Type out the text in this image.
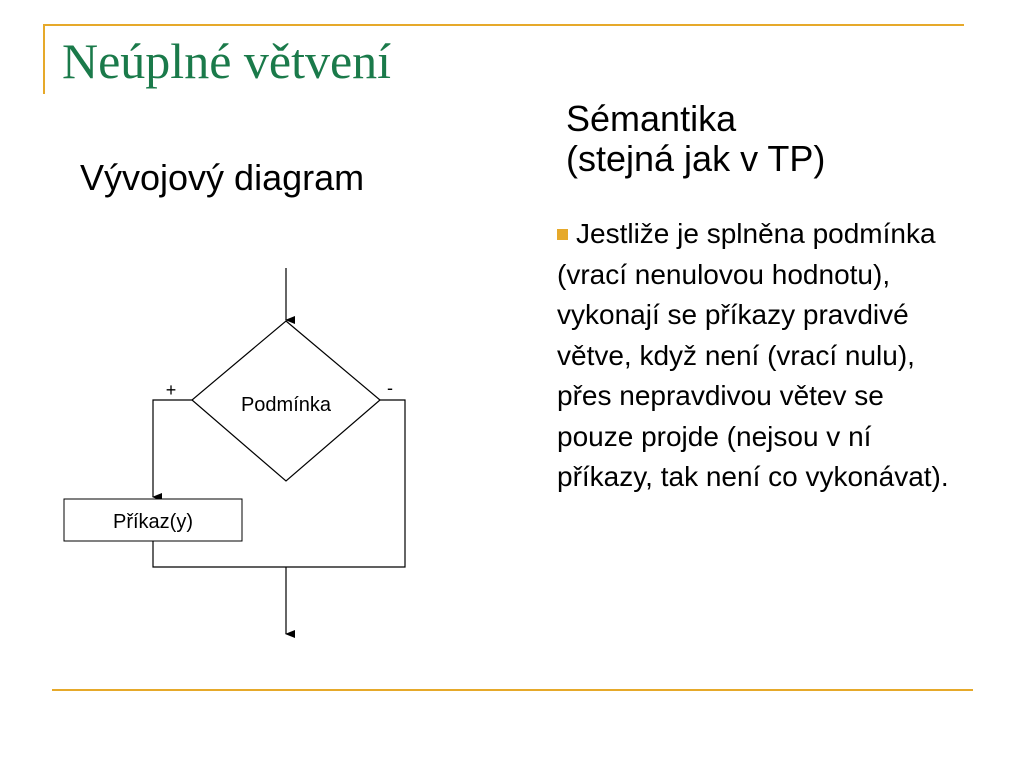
Neúplné větvení
Vývojový diagram
Sémantika
(stejná jak v TP)
Jestliže je splněna podmínka (vrací nenulovou hodnotu), vykonají se příkazy pravdivé větve, když není (vrací nulu), přes nepravdivou větev se pouze projde (nejsou v ní příkazy, tak není co vykonávat).
Podmínka
+	-
Příkaz(y)
